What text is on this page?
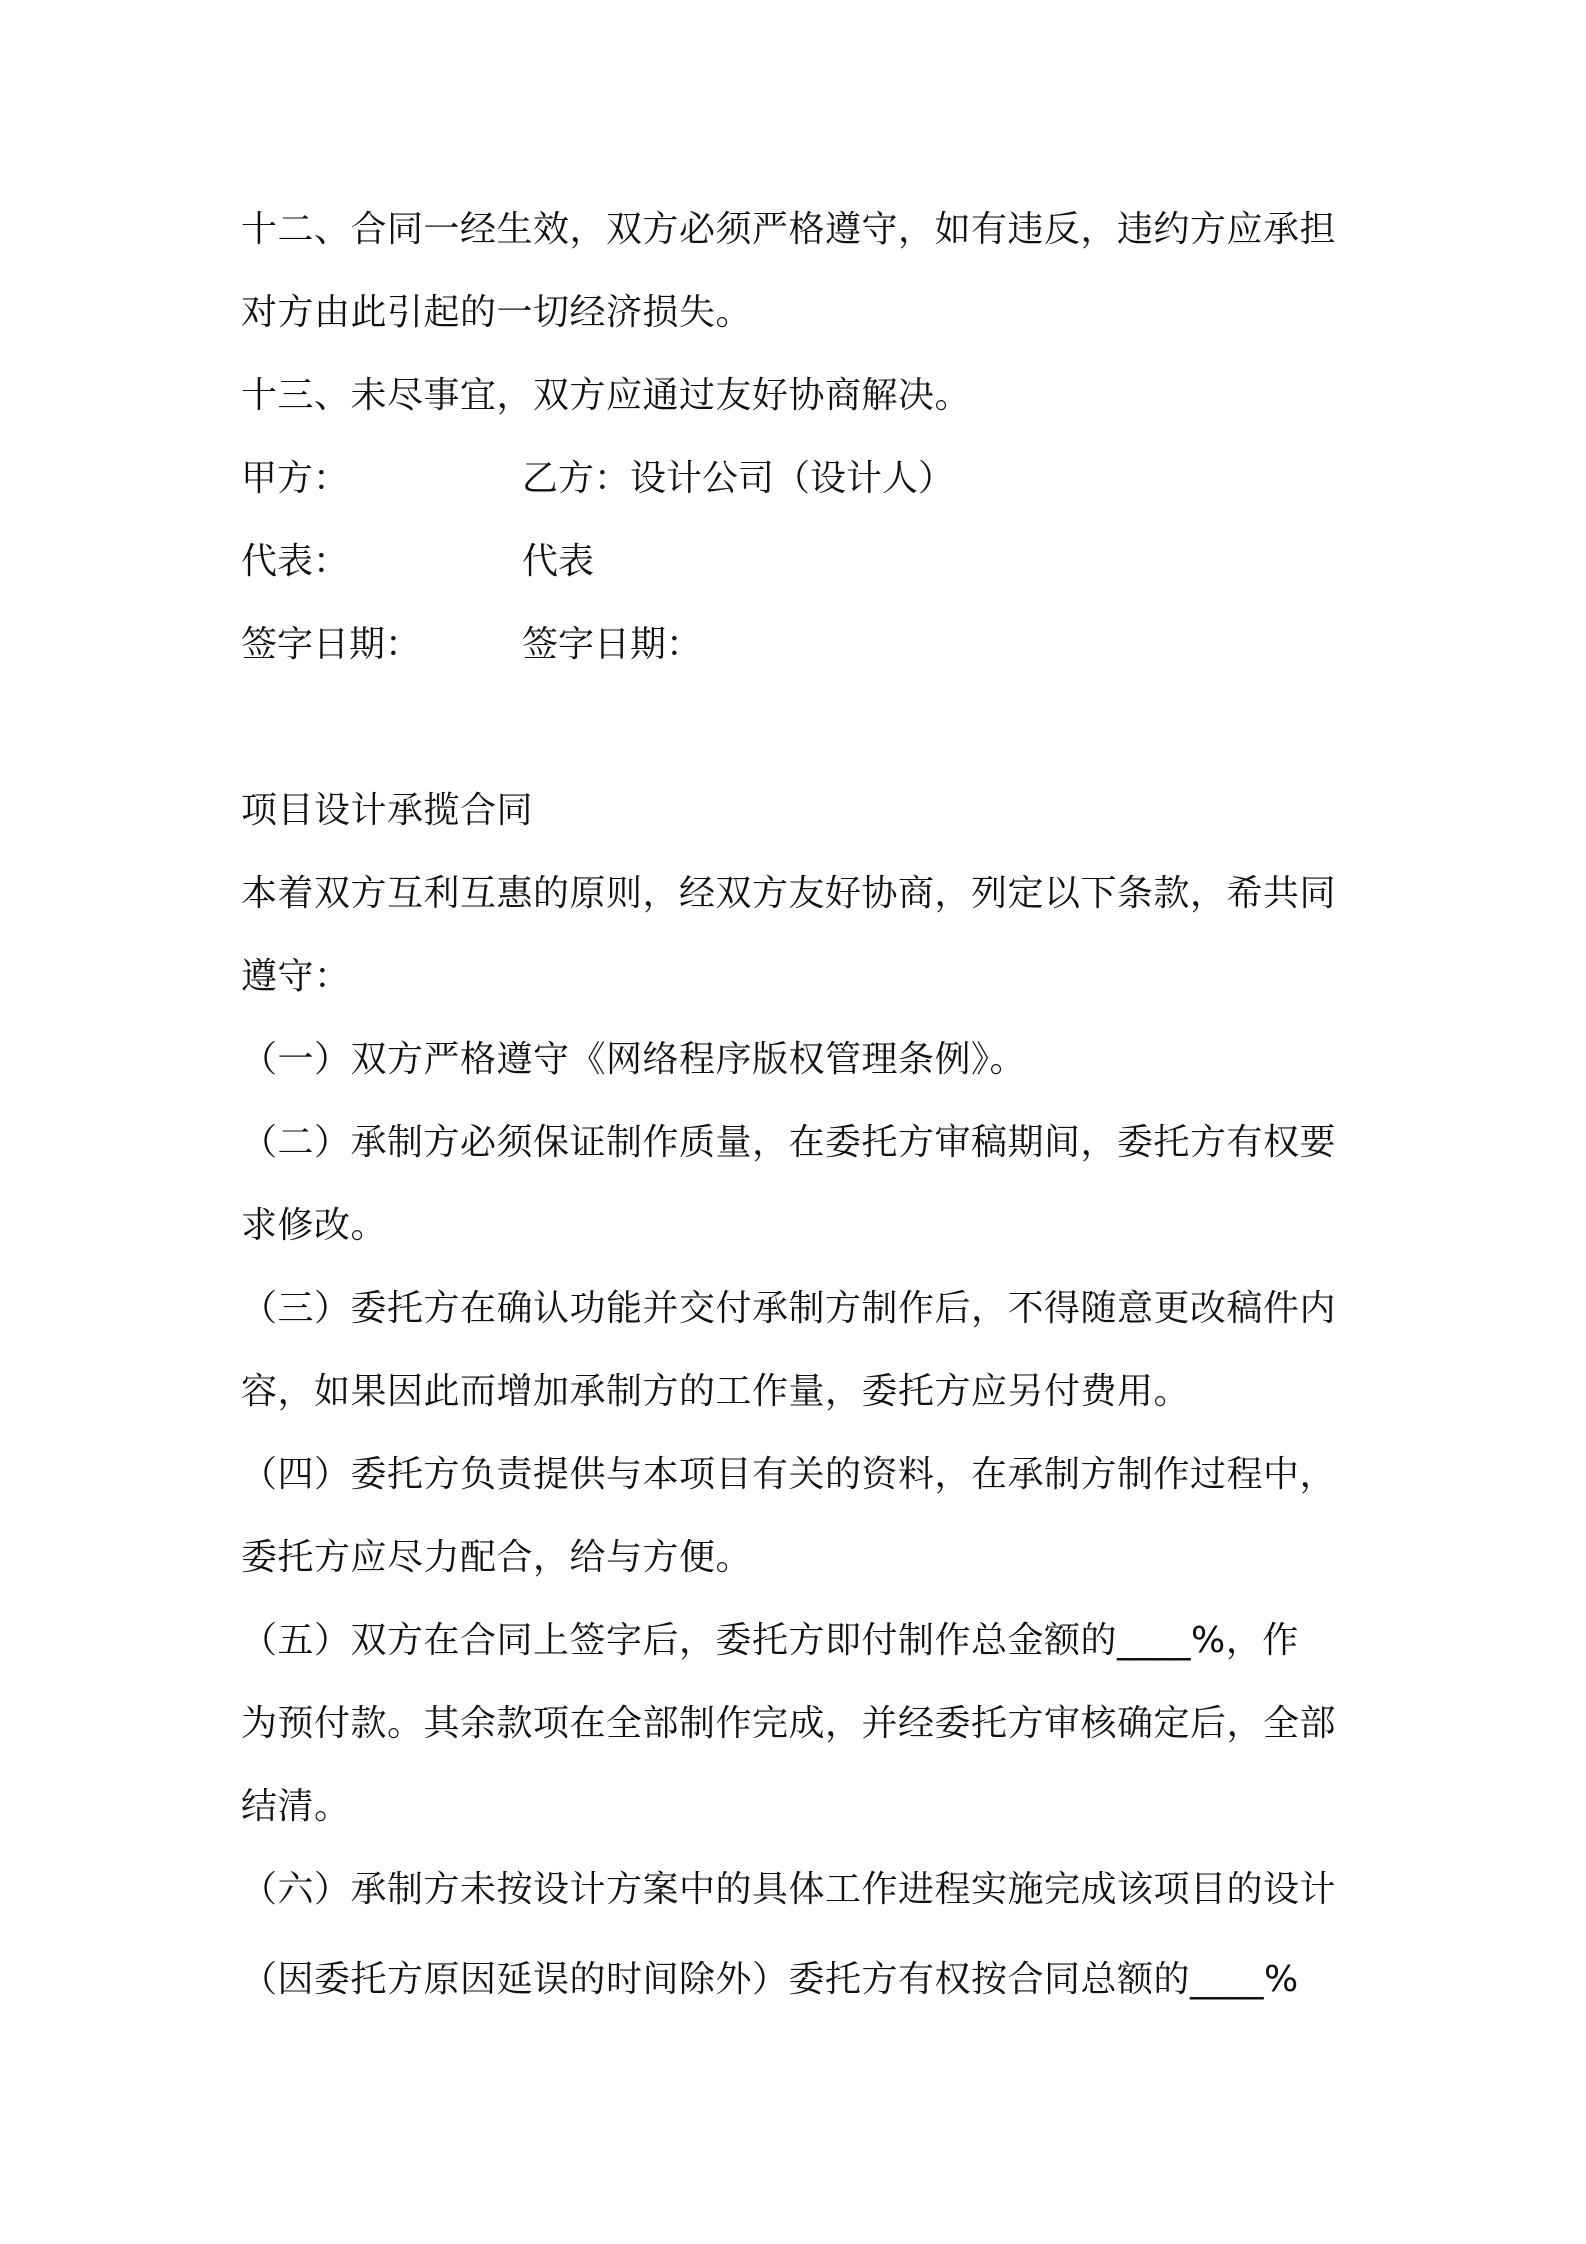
十二、合同一经生效，双方必须严格遵守，如有违反，违约方应承担
对方由此引起的一切经济损失。
十三、未尽事宜，双方应通过友好协商解决。
甲方：	乙方：设计公司（设计人）
代表：	代表
签字日期：	签字日期：
项目设计承揽合同
本着双方互利互惠的原则，经双方友好协商，列定以下条款，希共同
遵守：
（一）双方严格遵守《网络程序版权管理条例》。
（二）承制方必须保证制作质量，在委托方审稿期间，委托方有权要
求修改。
（三）委托方在确认功能并交付承制方制作后，不得随意更改稿件内
容，如果因此而增加承制方的工作量，委托方应另付费用。
（四）委托方负责提供与本项目有关的资料，在承制方制作过程中，
委托方应尽力配合，给与方便。
（五）双方在合同上签字后，委托方即付制作总金额的____%，作
为预付款。其余款项在全部制作完成，并经委托方审核确定后，全部
结清。
（六）承制方未按设计方案中的具体工作进程实施完成该项目的设计
（因委托方原因延误的时间除外）委托方有权按合同总额的____%
